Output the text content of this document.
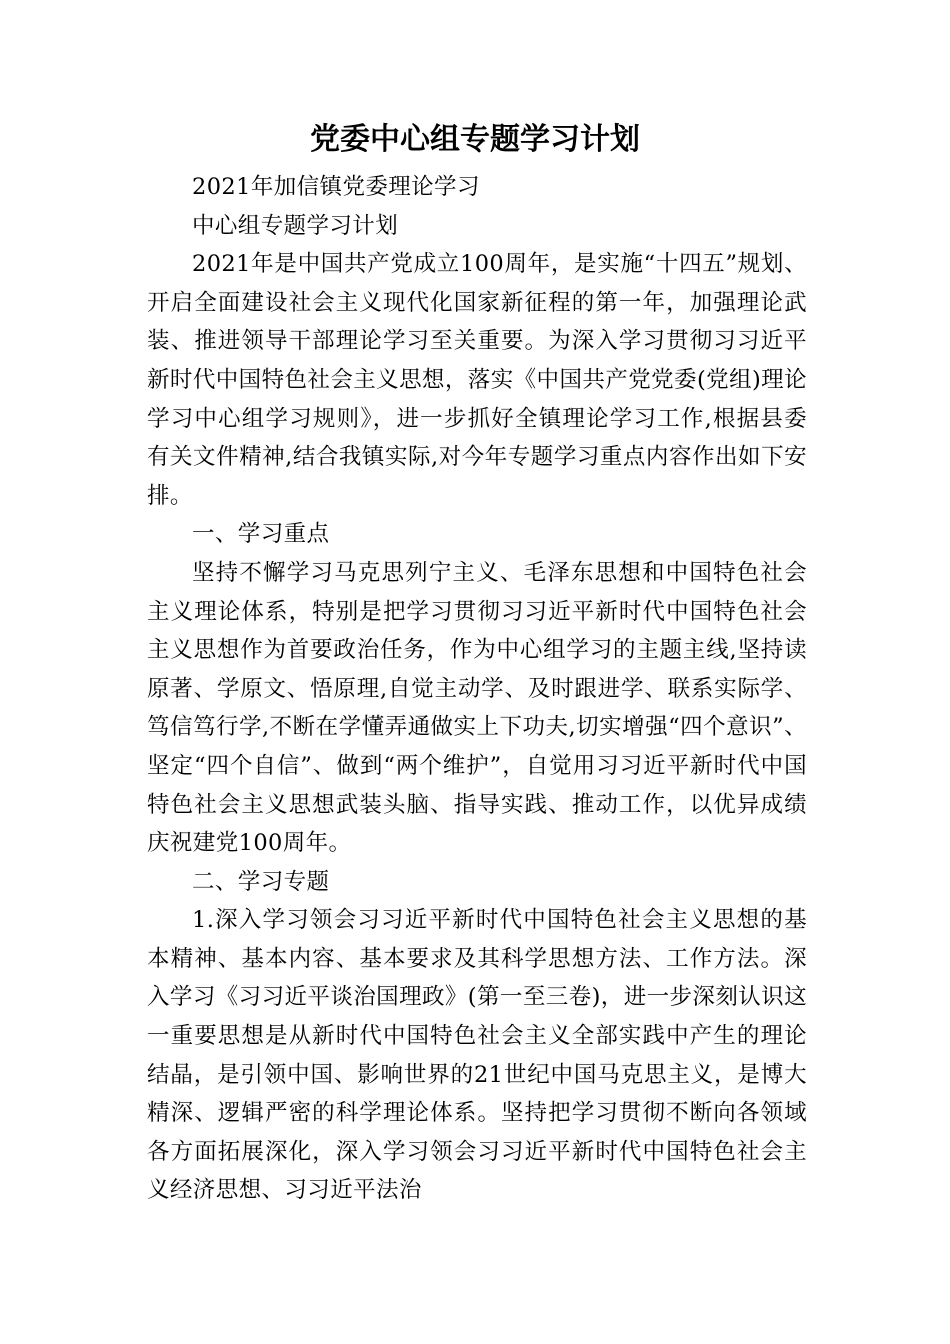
党委中心组专题学习计划

2021年加信镇党委理论学习

中心组专题学习计划

2021年是中国共产党成立100周年，是实施“十四五”规划、开启全面建设社会主义现代化国家新征程的第一年，加强理论武装、推进领导干部理论学习至关重要。为深入学习贯彻习习近平新时代中国特色社会主义思想，落实《中国共产党党委(党组)理论学习中心组学习规则》，进一步抓好全镇理论学习工作,根据县委有关文件精神,结合我镇实际,对今年专题学习重点内容作出如下安排。

一、学习重点

坚持不懈学习马克思列宁主义、毛泽东思想和中国特色社会主义理论体系，特别是把学习贯彻习习近平新时代中国特色社会主义思想作为首要政治任务，作为中心组学习的主题主线,坚持读原著、学原文、悟原理,自觉主动学、及时跟进学、联系实际学、笃信笃行学,不断在学懂弄通做实上下功夫,切实增强“四个意识”、坚定“四个自信”、做到“两个维护”，自觉用习习近平新时代中国特色社会主义思想武装头脑、指导实践、推动工作，以优异成绩庆祝建党100周年。

二、学习专题

1.深入学习领会习习近平新时代中国特色社会主义思想的基本精神、基本内容、基本要求及其科学思想方法、工作方法。深入学习《习习近平谈治国理政》(第一至三卷)，进一步深刻认识这一重要思想是从新时代中国特色社会主义全部实践中产生的理论结晶，是引领中国、影响世界的21世纪中国马克思主义，是博大精深、逻辑严密的科学理论体系。坚持把学习贯彻不断向各领域各方面拓展深化，深入学习领会习习近平新时代中国特色社会主义经济思想、习习近平法治
